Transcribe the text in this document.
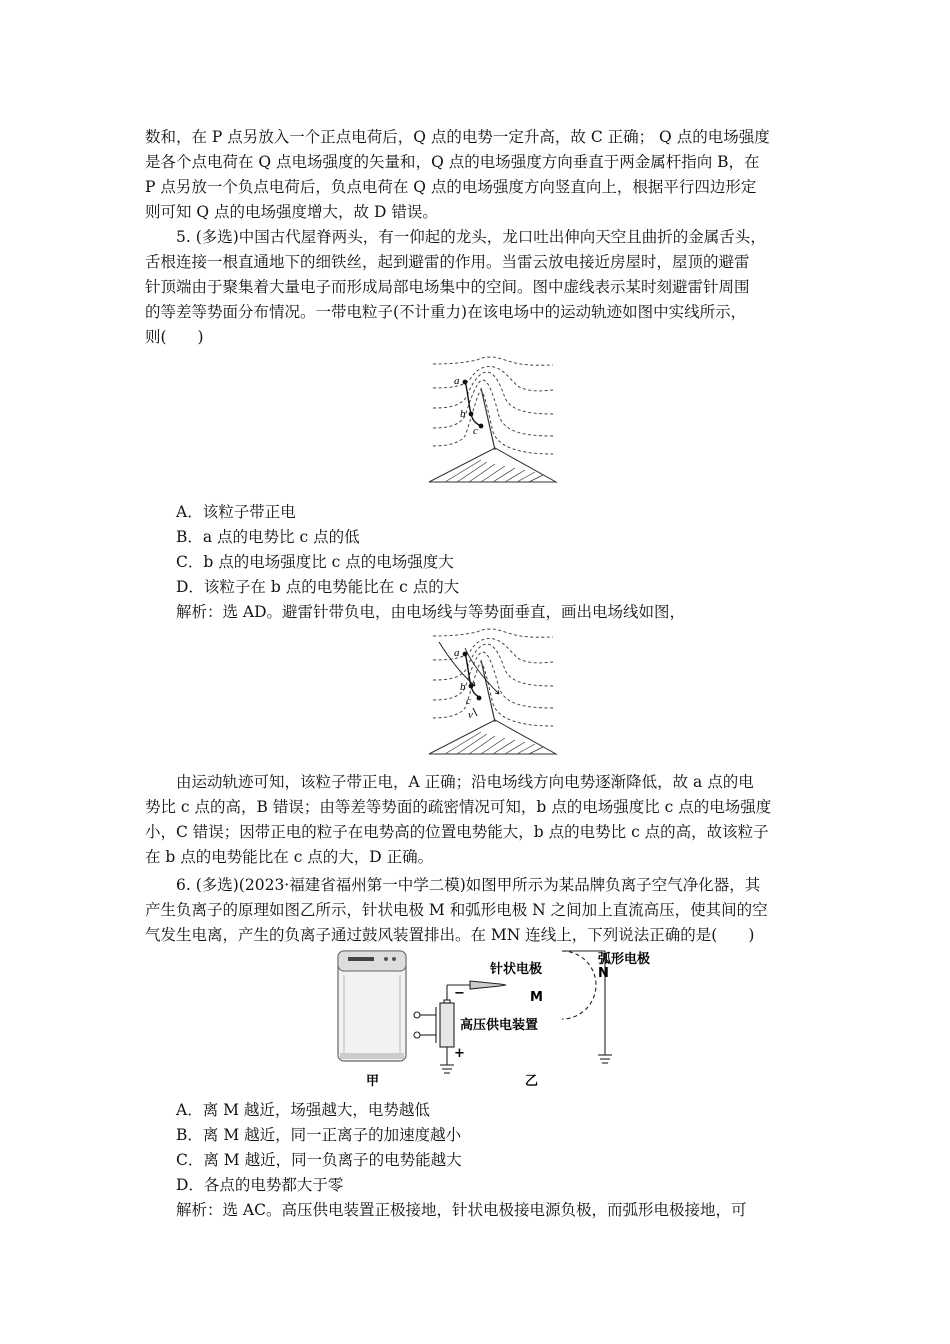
数和，在 P 点另放入一个正点电荷后，Q 点的电势一定升高，故 C 正确； Q 点的电场强度
是各个点电荷在 Q 点电场强度的矢量和，Q 点的电场强度方向垂直于两金属杆指向 B，在
P 点另放一个负点电荷后，负点电荷在 Q 点的电场强度方向竖直向上，根据平行四边形定
则可知 Q 点的电场强度增大，故 D 错误。
5. (多选)中国古代屋脊两头，有一仰起的龙头，龙口吐出伸向天空且曲折的金属舌头，
舌根连接一根直通地下的细铁丝，起到避雷的作用。当雷云放电接近房屋时，屋顶的避雷
针顶端由于聚集着大量电子而形成局部电场集中的空间。图中虚线表示某时刻避雷针周围
的等差等势面分布情况。一带电粒子(不计重力)在该电场中的运动轨迹如图中实线所示，
则(　　)
a
b
c
A．该粒子带正电
B．a 点的电势比 c 点的低
C．b 点的电场强度比 c 点的电场强度大
D．该粒子在 b 点的电势能比在 c 点的大
解析：选 AD。避雷针带负电，由电场线与等势面垂直，画出电场线如图，
a
b
c
v
由运动轨迹可知，该粒子带正电，A 正确；沿电场线方向电势逐渐降低，故 a 点的电
势比 c 点的高，B 错误；由等差等势面的疏密情况可知，b 点的电场强度比 c 点的电场强度
小，C 错误；因带正电的粒子在电势高的位置电势能大，b 点的电势比 c 点的高，故该粒子
在 b 点的电势能比在 c 点的大，D 正确。
6. (多选)(2023·福建省福州第一中学二模)如图甲所示为某品牌负离子空气净化器，其
产生负离子的原理如图乙所示，针状电极 M 和弧形电极 N 之间加上直流高压，使其间的空
气发生电离，产生的负离子通过鼓风装置排出。在 MN 连线上，下列说法正确的是(　　)
针状电极
弧形电极
M
N
高压供电装置
−
+
甲	乙
A．离 M 越近，场强越大，电势越低
B．离 M 越近，同一正离子的加速度越小
C．离 M 越近，同一负离子的电势能越大
D．各点的电势都大于零
解析：选 AC。高压供电装置正极接地，针状电极接电源负极，而弧形电极接地，可
